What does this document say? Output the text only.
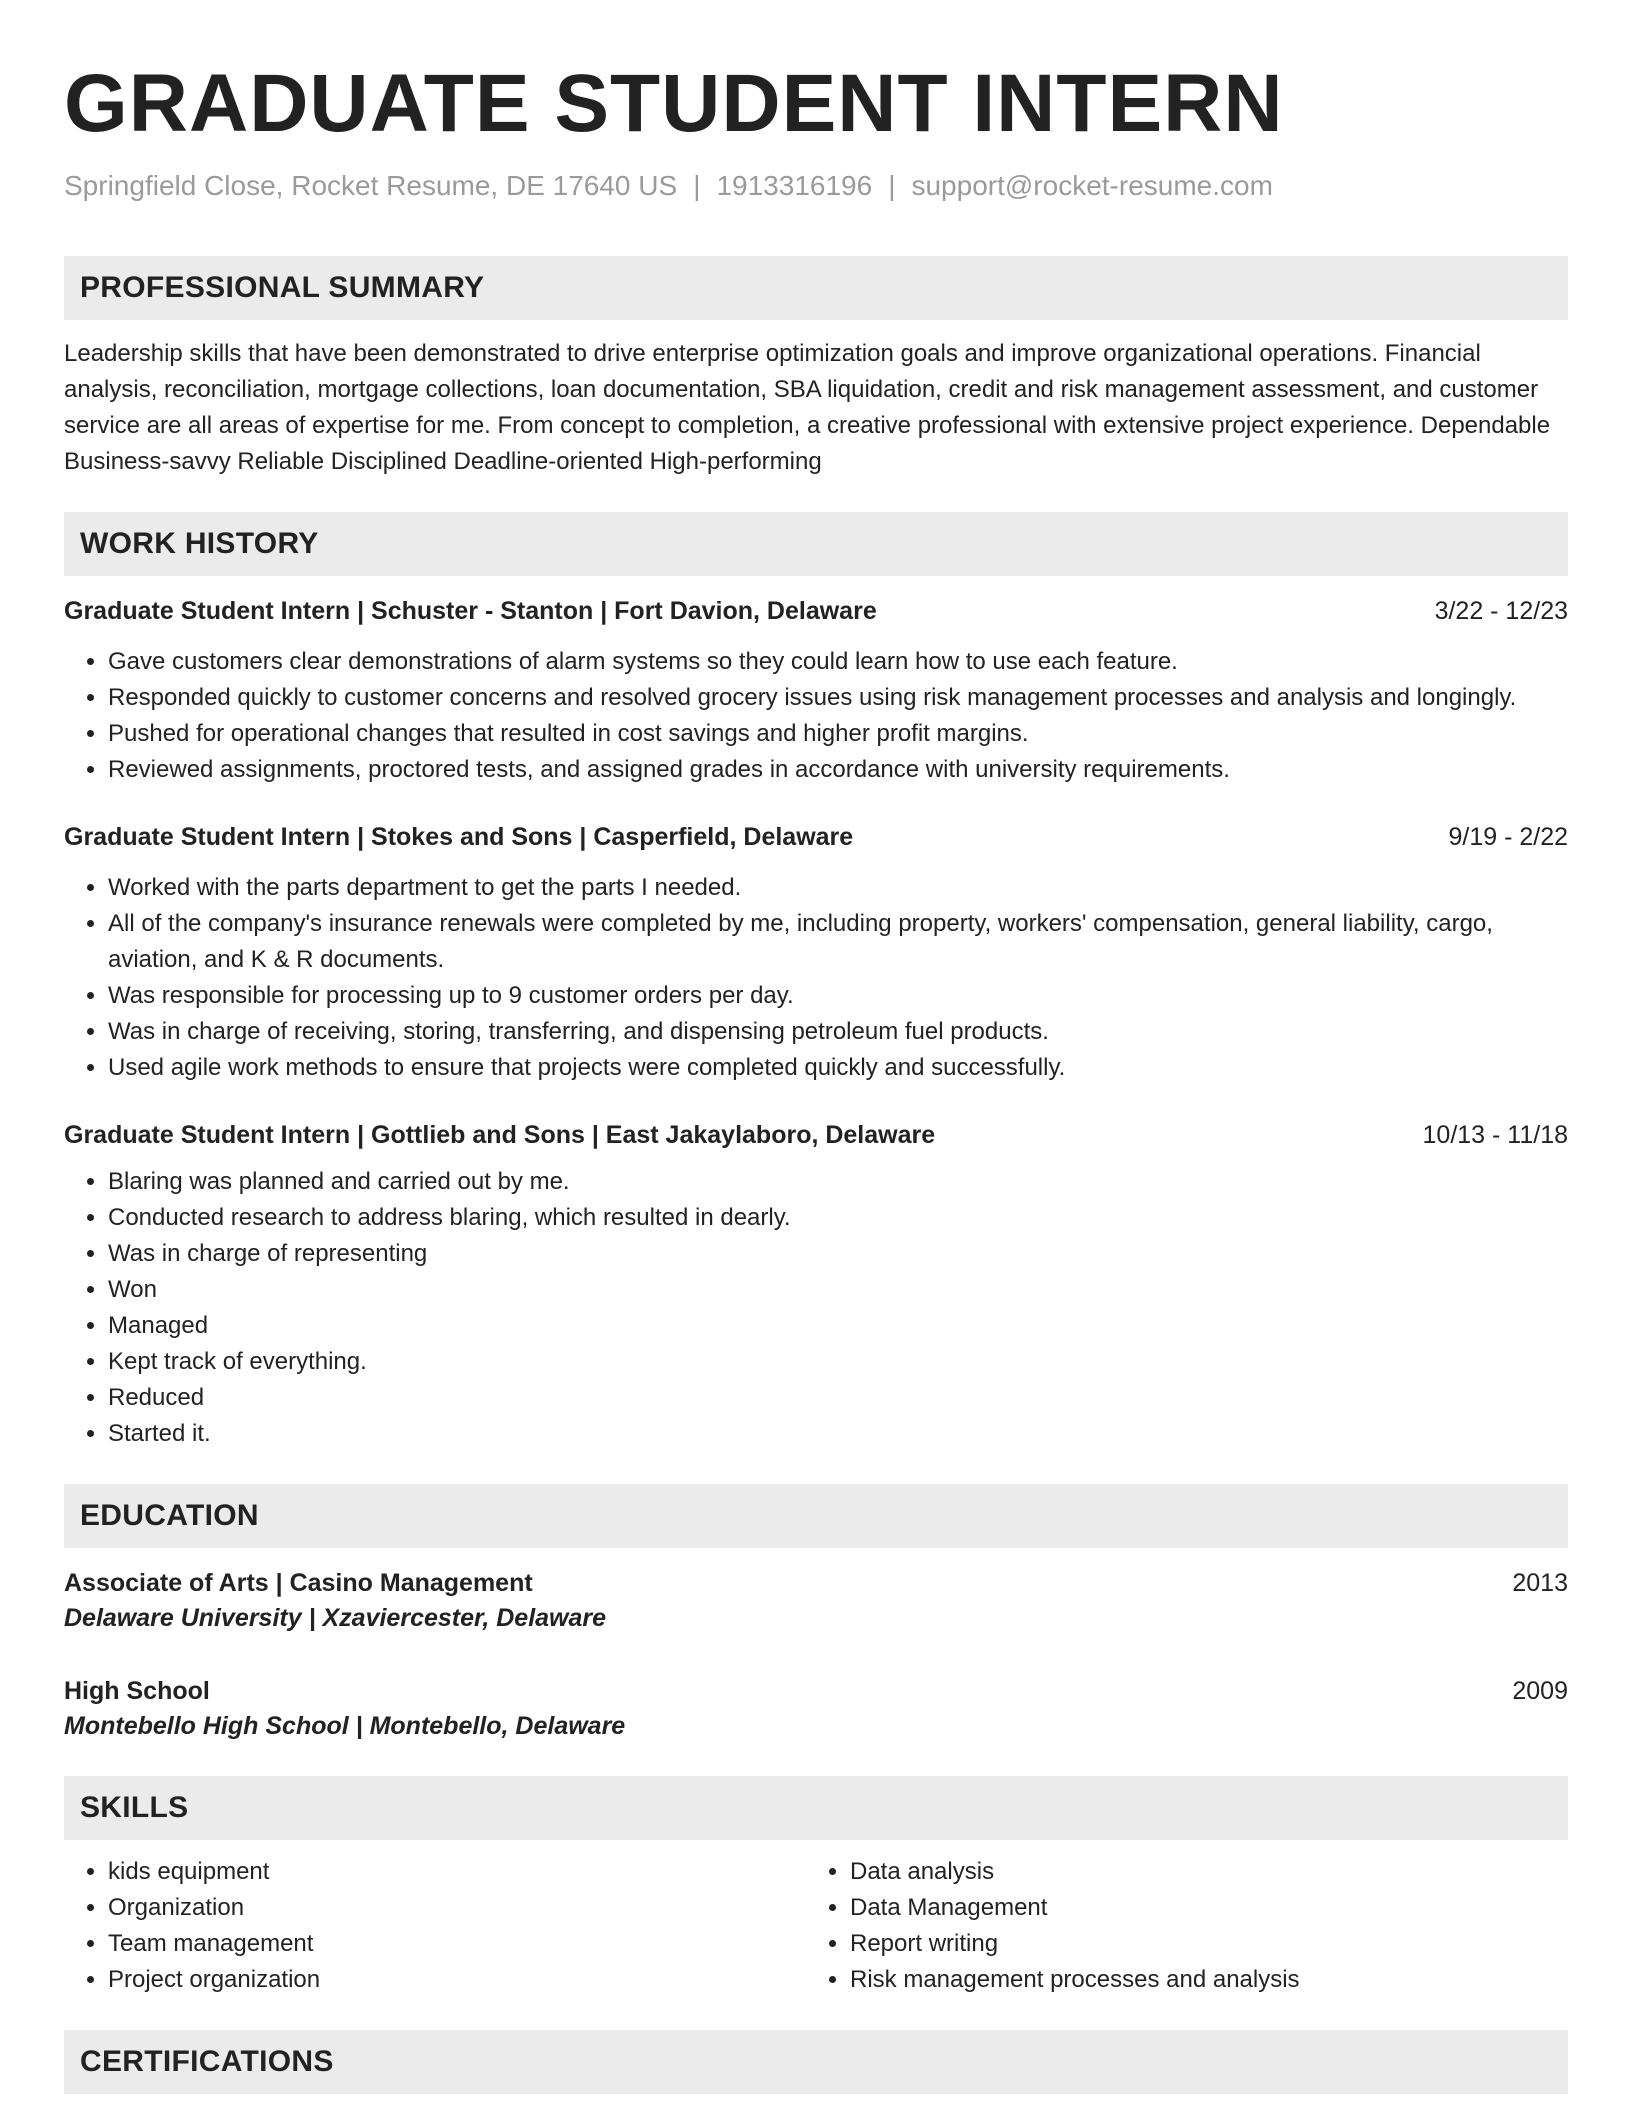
GRADUATE STUDENT INTERN
Springfield Close, Rocket Resume, DE 17640 US | 1913316196 | support@rocket-resume.com
PROFESSIONAL SUMMARY
Leadership skills that have been demonstrated to drive enterprise optimization goals and improve organizational operations. Financial analysis, reconciliation, mortgage collections, loan documentation, SBA liquidation, credit and risk management assessment, and customer service are all areas of expertise for me. From concept to completion, a creative professional with extensive project experience. Dependable Business-savvy Reliable Disciplined Deadline-oriented High-performing
WORK HISTORY
Graduate Student Intern | Schuster - Stanton | Fort Davion, Delaware	3/22 - 12/23
• Gave customers clear demonstrations of alarm systems so they could learn how to use each feature.
• Responded quickly to customer concerns and resolved grocery issues using risk management processes and analysis and longingly.
• Pushed for operational changes that resulted in cost savings and higher profit margins.
• Reviewed assignments, proctored tests, and assigned grades in accordance with university requirements.
Graduate Student Intern | Stokes and Sons | Casperfield, Delaware	9/19 - 2/22
• Worked with the parts department to get the parts I needed.
• All of the company's insurance renewals were completed by me, including property, workers' compensation, general liability, cargo, aviation, and K & R documents.
• Was responsible for processing up to 9 customer orders per day.
• Was in charge of receiving, storing, transferring, and dispensing petroleum fuel products.
• Used agile work methods to ensure that projects were completed quickly and successfully.
Graduate Student Intern | Gottlieb and Sons | East Jakaylaboro, Delaware	10/13 - 11/18
• Blaring was planned and carried out by me.
• Conducted research to address blaring, which resulted in dearly.
• Was in charge of representing
• Won
• Managed
• Kept track of everything.
• Reduced
• Started it.
EDUCATION
Associate of Arts | Casino Management	2013
Delaware University | Xzaviercester, Delaware
High School	2009
Montebello High School | Montebello, Delaware
SKILLS
• kids equipment
• Organization
• Team management
• Project organization
• Data analysis
• Data Management
• Report writing
• Risk management processes and analysis
CERTIFICATIONS
